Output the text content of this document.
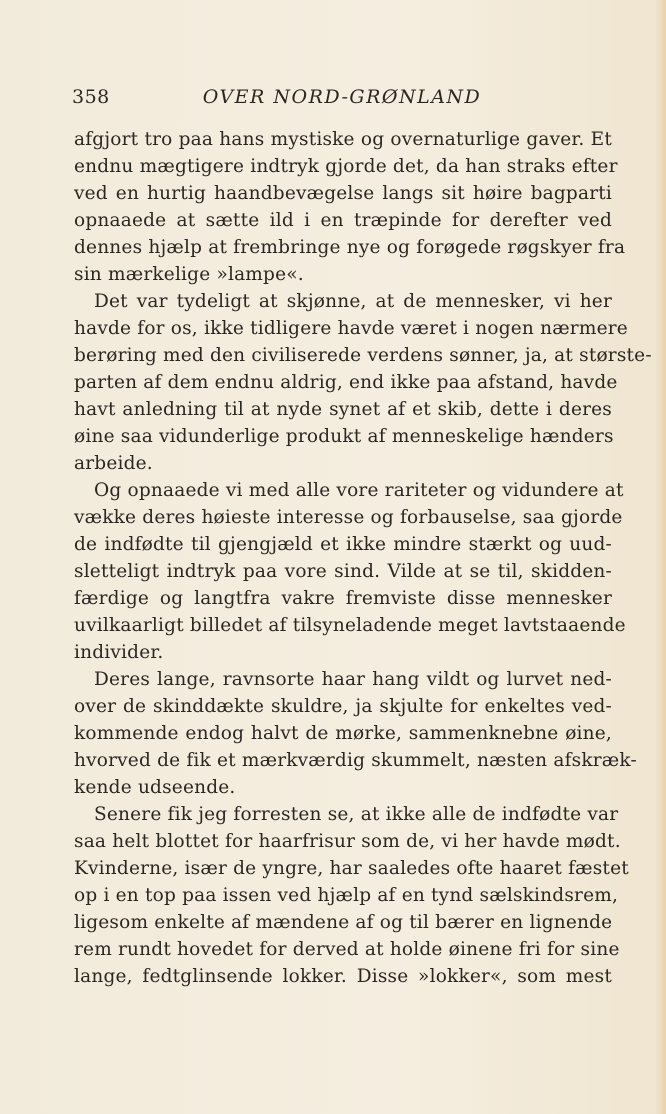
358	OVER NORD-GRØNLAND
afgjort tro paa hans mystiske og overnaturlige gaver. Et
endnu mægtigere indtryk gjorde det, da han straks efter
ved en hurtig haandbevægelse langs sit høire bagparti
opnaaede at sætte ild i en træpinde for derefter ved
dennes hjælp at frembringe nye og forøgede røgskyer fra
sin mærkelige »lampe«.
Det var tydeligt at skjønne, at de mennesker, vi her
havde for os, ikke tidligere havde været i nogen nærmere
berøring med den civiliserede verdens sønner, ja, at største-
parten af dem endnu aldrig, end ikke paa afstand, havde
havt anledning til at nyde synet af et skib, dette i deres
øine saa vidunderlige produkt af menneskelige hænders
arbeide.
Og opnaaede vi med alle vore rariteter og vidundere at
vække deres høieste interesse og forbauselse, saa gjorde
de indfødte til gjengjæld et ikke mindre stærkt og uud-
sletteligt indtryk paa vore sind. Vilde at se til, skidden-
færdige og langtfra vakre fremviste disse mennesker
uvilkaarligt billedet af tilsyneladende meget lavtstaaende
individer.
Deres lange, ravnsorte haar hang vildt og lurvet ned-
over de skinddækte skuldre, ja skjulte for enkeltes ved-
kommende endog halvt de mørke, sammenknebne øine,
hvorved de fik et mærkværdig skummelt, næsten afskræk-
kende udseende.
Senere fik jeg forresten se, at ikke alle de indfødte var
saa helt blottet for haarfrisur som de, vi her havde mødt.
Kvinderne, især de yngre, har saaledes ofte haaret fæstet
op i en top paa issen ved hjælp af en tynd sælskindsrem,
ligesom enkelte af mændene af og til bærer en lignende
rem rundt hovedet for derved at holde øinene fri for sine
lange, fedtglinsende lokker. Disse »lokker«, som mest
